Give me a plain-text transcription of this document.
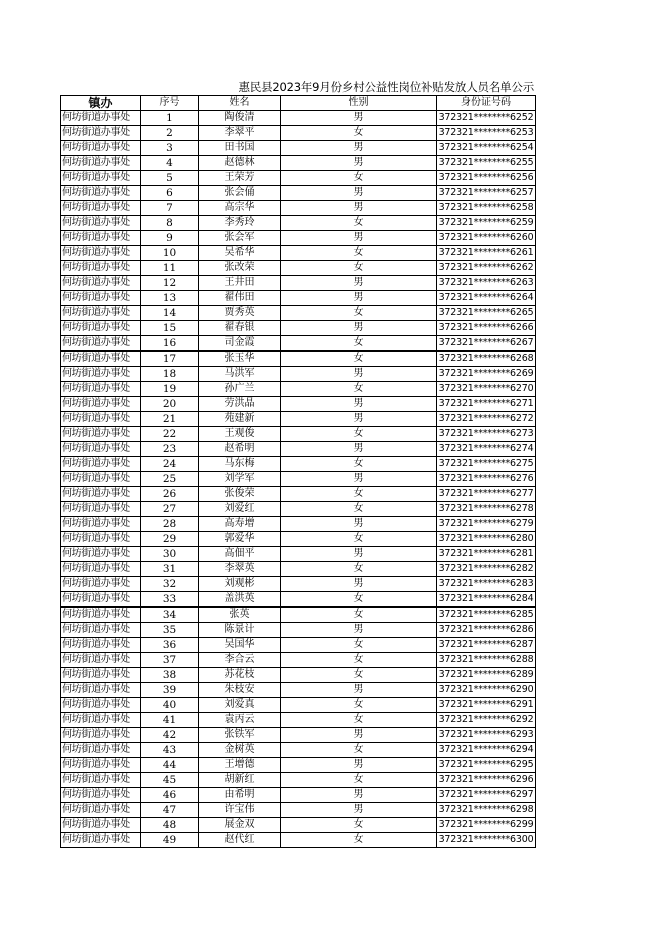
惠民县2023年9月份乡村公益性岗位补贴发放人员名单公示
镇办	序号	姓名	性别	身份证号码
何坊街道办事处	1	陶俊清	男	372321********6252
何坊街道办事处	2	李翠平	女	372321********6253
何坊街道办事处	3	田书国	男	372321********6254
何坊街道办事处	4	赵德林	男	372321********6255
何坊街道办事处	5	王荣芳	女	372321********6256
何坊街道办事处	6	张会俑	男	372321********6257
何坊街道办事处	7	高宗华	男	372321********6258
何坊街道办事处	8	李秀玲	女	372321********6259
何坊街道办事处	9	张会军	男	372321********6260
何坊街道办事处	10	吴希华	女	372321********6261
何坊街道办事处	11	张改荣	女	372321********6262
何坊街道办事处	12	王井田	男	372321********6263
何坊街道办事处	13	翟伟田	男	372321********6264
何坊街道办事处	14	贾秀英	女	372321********6265
何坊街道办事处	15	翟春银	男	372321********6266
何坊街道办事处	16	司金霞	女	372321********6267
何坊街道办事处	17	张玉华	女	372321********6268
何坊街道办事处	18	马洪军	男	372321********6269
何坊街道办事处	19	孙广兰	女	372321********6270
何坊街道办事处	20	劳洪晶	男	372321********6271
何坊街道办事处	21	苑建新	男	372321********6272
何坊街道办事处	22	王观俊	女	372321********6273
何坊街道办事处	23	赵希明	男	372321********6274
何坊街道办事处	24	马东梅	女	372321********6275
何坊街道办事处	25	刘学军	男	372321********6276
何坊街道办事处	26	张俊荣	女	372321********6277
何坊街道办事处	27	刘爱红	女	372321********6278
何坊街道办事处	28	高寿增	男	372321********6279
何坊街道办事处	29	郭爱华	女	372321********6280
何坊街道办事处	30	高佃平	男	372321********6281
何坊街道办事处	31	李翠英	女	372321********6282
何坊街道办事处	32	刘观彬	男	372321********6283
何坊街道办事处	33	盖洪英	女	372321********6284
何坊街道办事处	34	张英	女	372321********6285
何坊街道办事处	35	陈景计	男	372321********6286
何坊街道办事处	36	吴国华	女	372321********6287
何坊街道办事处	37	李合云	女	372321********6288
何坊街道办事处	38	苏花枝	女	372321********6289
何坊街道办事处	39	朱枝安	男	372321********6290
何坊街道办事处	40	刘爱真	女	372321********6291
何坊街道办事处	41	袁丙云	女	372321********6292
何坊街道办事处	42	张铁军	男	372321********6293
何坊街道办事处	43	金树英	女	372321********6294
何坊街道办事处	44	王增德	男	372321********6295
何坊街道办事处	45	胡新红	女	372321********6296
何坊街道办事处	46	由希明	男	372321********6297
何坊街道办事处	47	许宝伟	男	372321********6298
何坊街道办事处	48	展金双	女	372321********6299
何坊街道办事处	49	赵代红	女	372321********6300
